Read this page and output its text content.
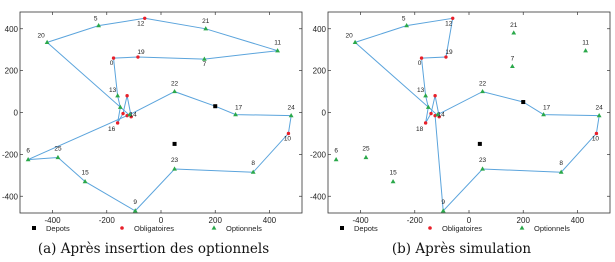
-400	-200	0	200	400
400
200
0
-200
-400
5
12
20
21
11
0
19
7
13
22
14
16
17	24
10
6	25
23	8
15
9
Depots	Obligatoires	Optionnels
(a) Après insertion des optionnels
-400	-200	0	200	400
400
200
0
-200
-400
5
12
20
21
11
0
19
7
13
22
14
18
17	24
10
6	25
23	8
15
9
Depots	Obligatoires	Optionnels
(b) Après simulation
